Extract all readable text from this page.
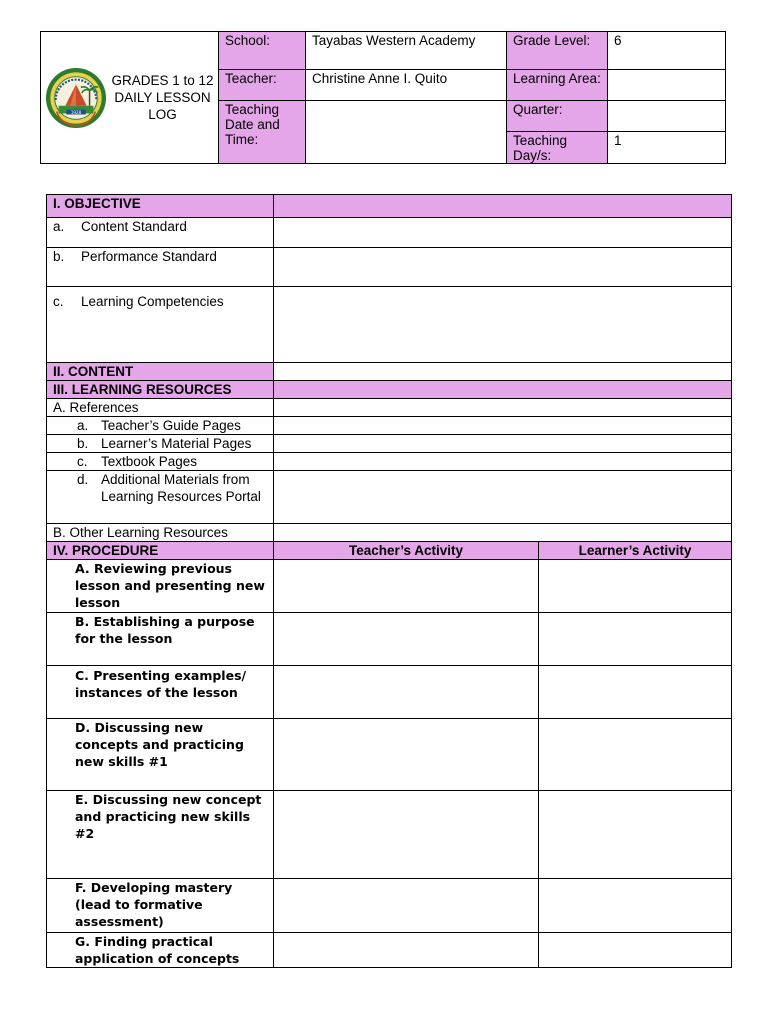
1928
GRADES 1 to 12
DAILY LESSON
LOG	School:	Tayabas Western Academy	Grade Level:	6
	Teacher:	Christine Anne I. Quito	Learning Area:	
	Teaching Date and Time:		Quarter:	
			Teaching Day/s:	1
I. OBJECTIVE		
a. Content Standard		
b. Performance Standard		
c. Learning Competencies		
II. CONTENT		
III. LEARNING RESOURCES		
A. References		

a. Teacher’s Guide Pages		

b. Learner’s Material Pages		

c. Textbook Pages		

d. Additional Materials from Learning Resources Portal		

B. Other Learning Resources		
IV. PROCEDURE	Teacher’s Activity	Learner’s Activity
A. Reviewing previous lesson and presenting new lesson		
B. Establishing a purpose for the lesson		
C. Presenting examples/ instances of the lesson		
D. Discussing new concepts and practicing new skills #1		
E. Discussing new concept and practicing new skills #2		
F. Developing mastery (lead to formative assessment)		
G. Finding practical application of concepts		
